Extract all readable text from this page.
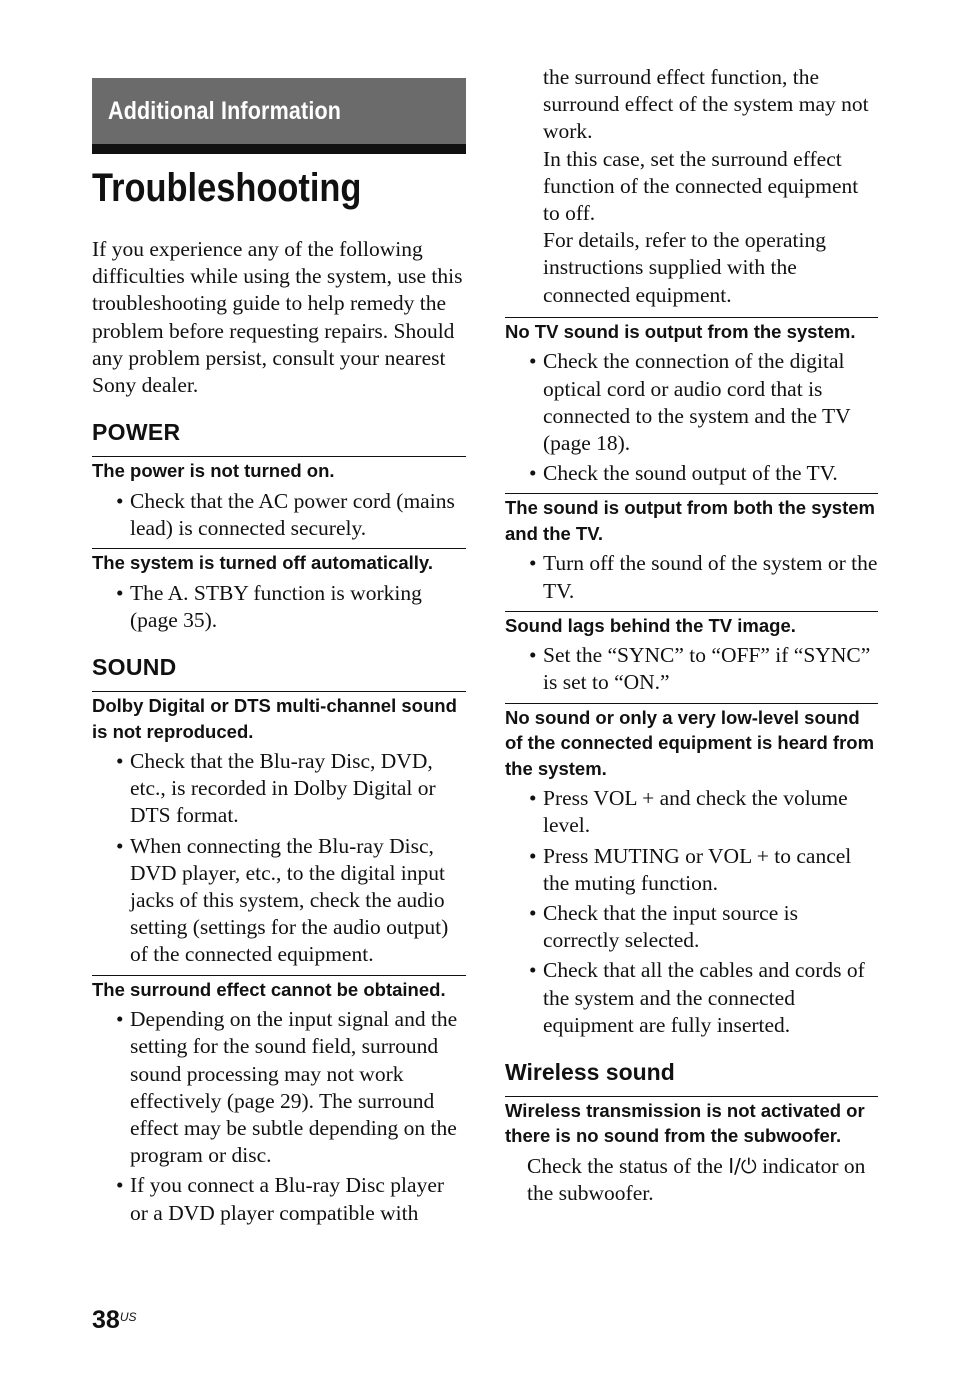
Additional Information
Troubleshooting

If you experience any of the following difficulties while using the system, use this troubleshooting guide to help remedy the problem before requesting repairs. Should any problem persist, consult your nearest Sony dealer.

POWER
The power is not turned on.
• Check that the AC power cord (mains lead) is connected securely.
The system is turned off automatically.
• The A. STBY function is working (page 35).
SOUND
Dolby Digital or DTS multi-channel sound is not reproduced.
• Check that the Blu-ray Disc, DVD, etc., is recorded in Dolby Digital or DTS format.
• When connecting the Blu-ray Disc, DVD player, etc., to the digital input jacks of this system, check the audio setting (settings for the audio output) of the connected equipment.
The surround effect cannot be obtained.
• Depending on the input signal and the setting for the sound field, surround sound processing may not work effectively (page 29). The surround effect may be subtle depending on the program or disc.
• If you connect a Blu-ray Disc player or a DVD player compatible with
the surround effect function, the surround effect of the system may not work.
In this case, set the surround effect function of the connected equipment to off.
For details, refer to the operating instructions supplied with the connected equipment.
No TV sound is output from the system.
• Check the connection of the digital optical cord or audio cord that is connected to the system and the TV (page 18).
• Check the sound output of the TV.
The sound is output from both the system and the TV.
• Turn off the sound of the system or the TV.
Sound lags behind the TV image.
• Set the “SYNC” to “OFF” if “SYNC” is set to “ON.”
No sound or only a very low-level sound of the connected equipment is heard from the system.
• Press VOL + and check the volume level.
• Press MUTING or VOL + to cancel the muting function.
• Check that the input source is correctly selected.
• Check that all the cables and cords of the system and the connected equipment are fully inserted.
Wireless sound
Wireless transmission is not activated or there is no sound from the subwoofer.
Check the status of the I/⏻ indicator on the subwoofer.
$38^{US}$
